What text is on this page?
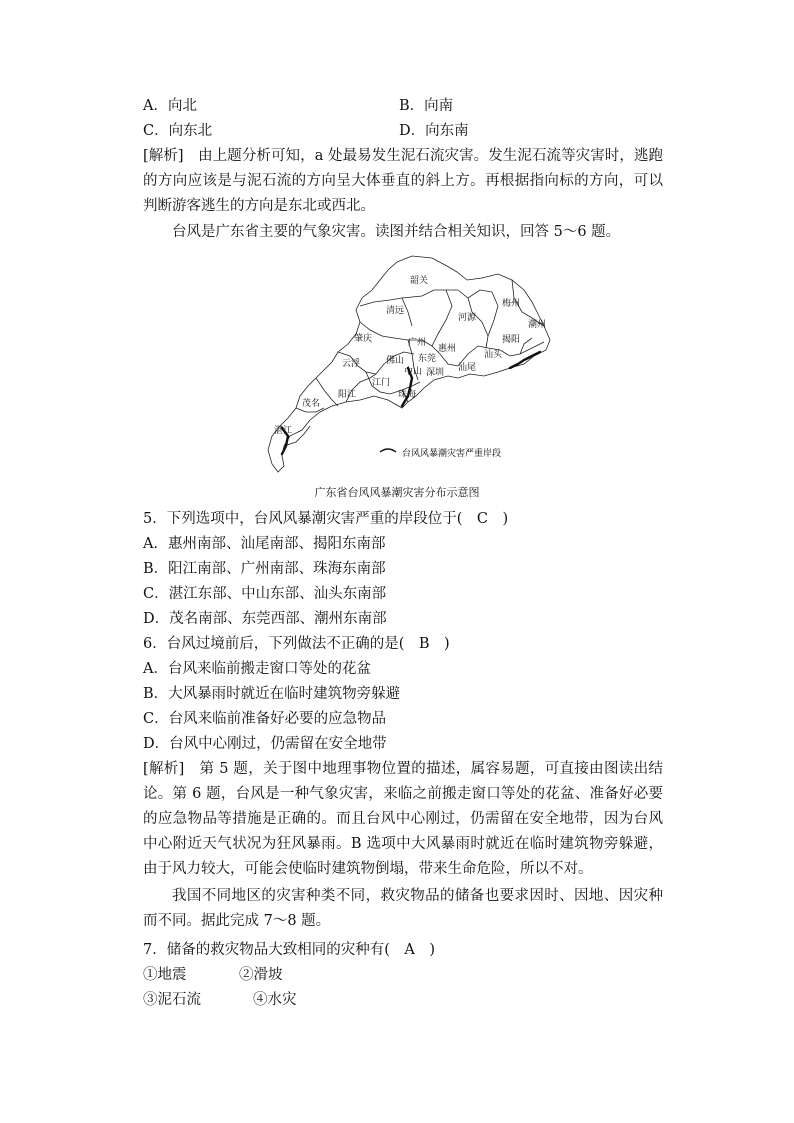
A．向北	B．向南
C．向东北	D．向东南
[解析]　 由上题分析可知，a 处最易发生泥石流灾害。发生泥石流等灾害时，逃跑的方向应该是与泥石流的方向呈大体垂直的斜上方。再根据指向标的方向，可以判断游客逃生的方向是东北或西北。
台风是广东省主要的气象灾害。读图并结合相关知识，回答 5～6 题。
台风风暴潮灾害严重岸段
韶关
清远
河源
梅州
潮州
肇庆	广州
惠州
揭阳
汕头
云浮	佛山 东莞
中山 深圳
江门
汕尾
阳江	珠海
茂名
湛江
广东省台风风暴潮灾害分布示意图
5．下列选项中，台风风暴潮灾害严重的岸段位于(　C　)
A．惠州南部、汕尾南部、揭阳东南部
B．阳江南部、广州南部、珠海东南部
C．湛江东部、中山东部、汕头东南部
D．茂名南部、东莞西部、潮州东南部
6．台风过境前后，下列做法不正确的是(　B　)
A．台风来临前搬走窗口等处的花盆
B．大风暴雨时就近在临时建筑物旁躲避
C．台风来临前准备好必要的应急物品
D．台风中心刚过，仍需留在安全地带
[解析]　 第 5 题，关于图中地理事物位置的描述，属容易题，可直接由图读出结论。第 6 题，台风是一种气象灾害，来临之前搬走窗口等处的花盆、准备好必要的应急物品等措施是正确的。而且台风中心刚过，仍需留在安全地带，因为台风中心附近天气状况为狂风暴雨。B 选项中大风暴雨时就近在临时建筑物旁躲避，由于风力较大，可能会使临时建筑物倒塌，带来生命危险，所以不对。
我国不同地区的灾害种类不同，救灾物品的储备也要求因时、因地、因灾种而不同。据此完成 7～8 题。
7．储备的救灾物品大致相同的灾种有(　A　)
①地震	②滑坡
③泥石流	④水灾
